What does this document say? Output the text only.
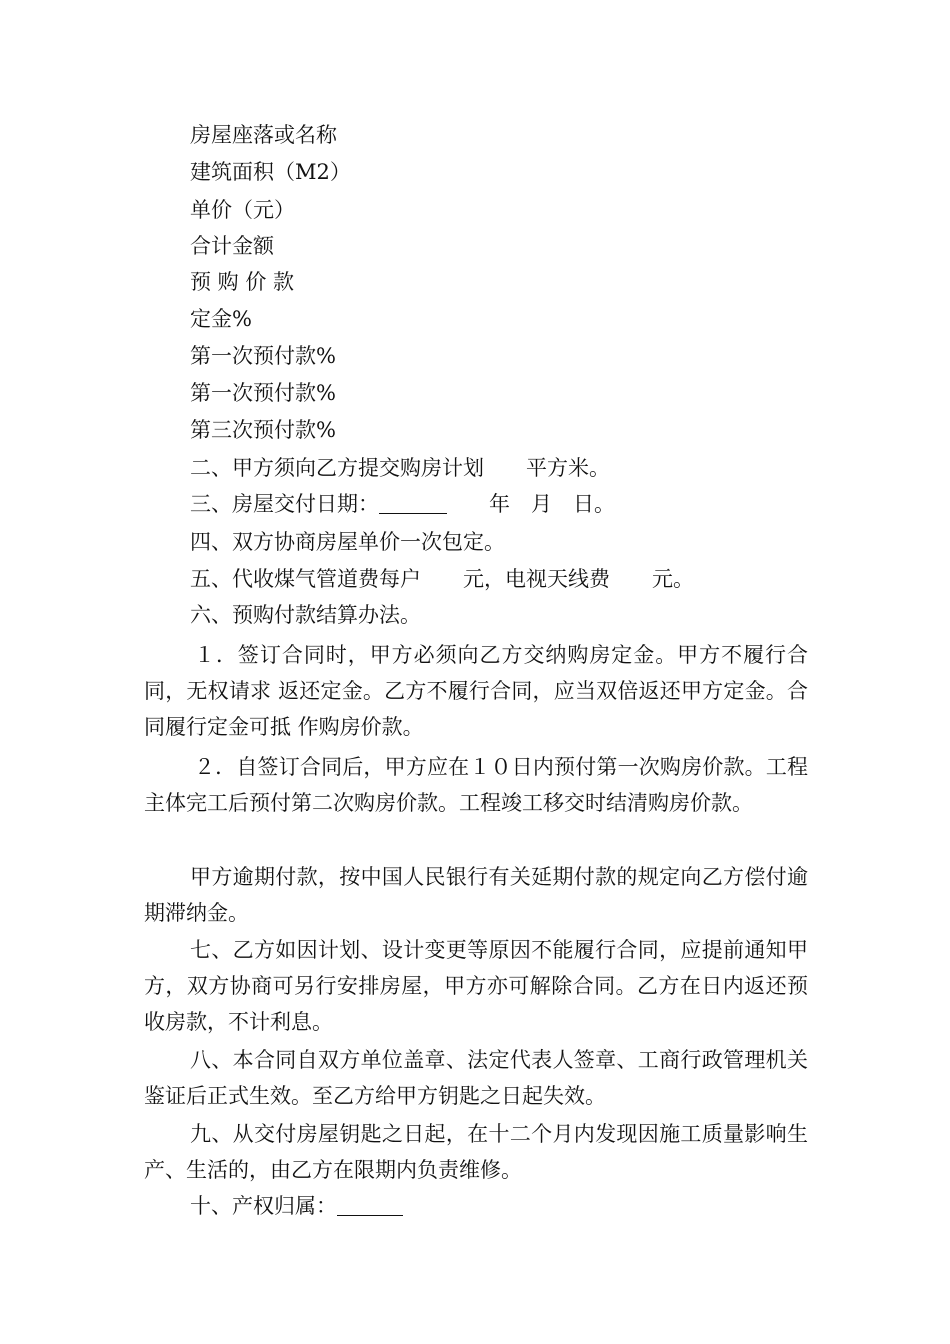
房屋座落或名称
建筑面积（M2）
单价（元）
合计金额
预 购 价 款
定金%
第一次预付款%
第一次预付款%
第三次预付款%
二、甲方须向乙方提交购房计划　　平方米。
三、房屋交付日期：	　　年　月　日。
四、双方协商房屋单价一次包定。
五、代收煤气管道费每户　　元，电视天线费　　元。
六、预购付款结算办法。

１．签订合同时，甲方必须向乙方交纳购房定金。甲方不履行合同，无权请求 返还定金。乙方不履行合同，应当双倍返还甲方定金。合同履行定金可抵 作购房价款。

２．自签订合同后，甲方应在１０日内预付第一次购房价款。工程主体完工后预付第二次购房价款。工程竣工移交时结清购房价款。

甲方逾期付款，按中国人民银行有关延期付款的规定向乙方偿付逾期滞纳金。

七、乙方如因计划、设计变更等原因不能履行合同，应提前通知甲方，双方协商可另行安排房屋，甲方亦可解除合同。乙方在日内返还预收房款，不计利息。

八、本合同自双方单位盖章、法定代表人签章、工商行政管理机关鉴证后正式生效。至乙方给甲方钥匙之日起失效。

九、从交付房屋钥匙之日起，在十二个月内发现因施工质量影响生产、生活的，由乙方在限期内负责维修。

十、产权归属：
